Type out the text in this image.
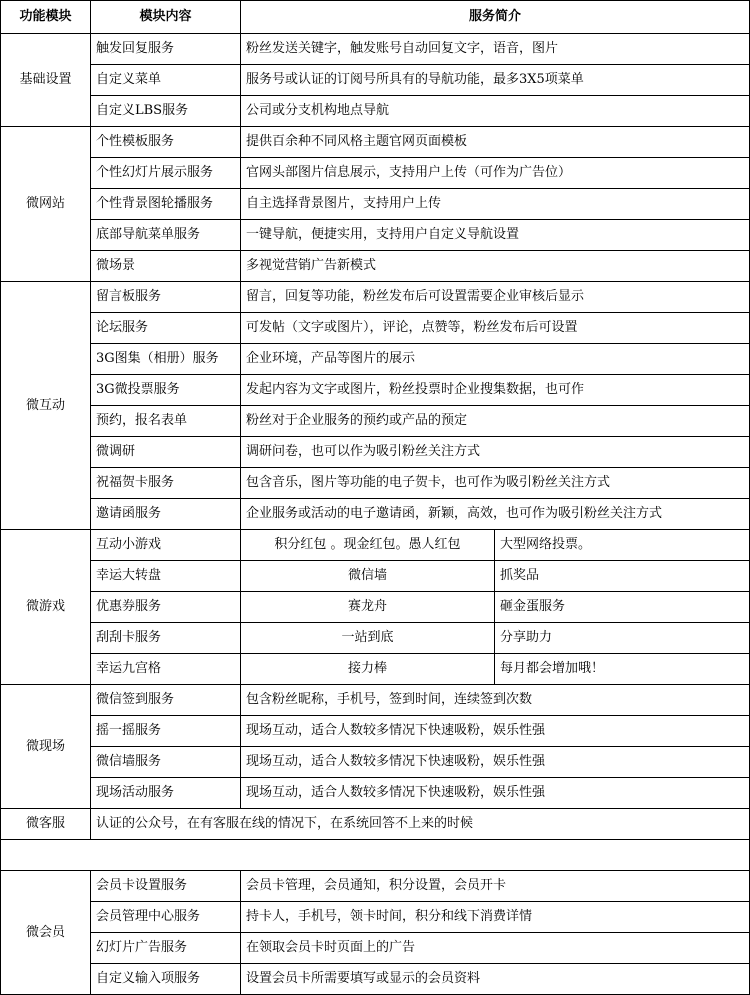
功能模块	模块内容	服务简介	
基础设置	触发回复服务	粉丝发送关键字，触发账号自动回复文字，语音，图片	
	自定义菜单	服务号或认证的订阅号所具有的导航功能，最多3X5项菜单	
	自定义LBS服务	公司或分支机构地点导航	
微网站	个性模板服务	提供百余种不同风格主题官网页面模板	
	个性幻灯片展示服务	官网头部图片信息展示，支持用户上传（可作为广告位）	
	个性背景图轮播服务	自主选择背景图片，支持用户上传	
	底部导航菜单服务	一键导航，便捷实用，支持用户自定义导航设置	
	微场景	多视觉营销广告新模式	
微互动	留言板服务	留言，回复等功能，粉丝发布后可设置需要企业审核后显示	
	论坛服务	可发帖（文字或图片），评论，点赞等，粉丝发布后可设置	
	3G图集（相册）服务	企业环境，产品等图片的展示	
	3G微投票服务	发起内容为文字或图片，粉丝投票时企业搜集数据，也可作	
	预约，报名表单	粉丝对于企业服务的预约或产品的预定	
	微调研	调研问卷，也可以作为吸引粉丝关注方式	
	祝福贺卡服务	包含音乐，图片等功能的电子贺卡，也可作为吸引粉丝关注方式	
	邀请函服务	企业服务或活动的电子邀请函，新颖，高效，也可作为吸引粉丝关注方式	
微游戏	互动小游戏	积分红包 。现金红包。愚人红包	大型网络投票。
	幸运大转盘	微信墙	抓奖品
	优惠券服务	赛龙舟	砸金蛋服务
	刮刮卡服务	一站到底	分享助力
	幸运九宫格	接力棒	每月都会增加哦！
微现场	微信签到服务	包含粉丝昵称，手机号，签到时间，连续签到次数	
	摇一摇服务	现场互动，适合人数较多情况下快速吸粉，娱乐性强	
	微信墙服务	现场互动，适合人数较多情况下快速吸粉，娱乐性强	
	现场活动服务	现场互动，适合人数较多情况下快速吸粉，娱乐性强	
微客服	认证的公众号，在有客服在线的情况下，在系统回答不上来的时候		

微会员	会员卡设置服务	会员卡管理，会员通知，积分设置，会员开卡	
	会员管理中心服务	持卡人，手机号，领卡时间，积分和线下消费详情	
	幻灯片广告服务	在领取会员卡时页面上的广告	
	自定义输入项服务	设置会员卡所需要填写或显示的会员资料	
